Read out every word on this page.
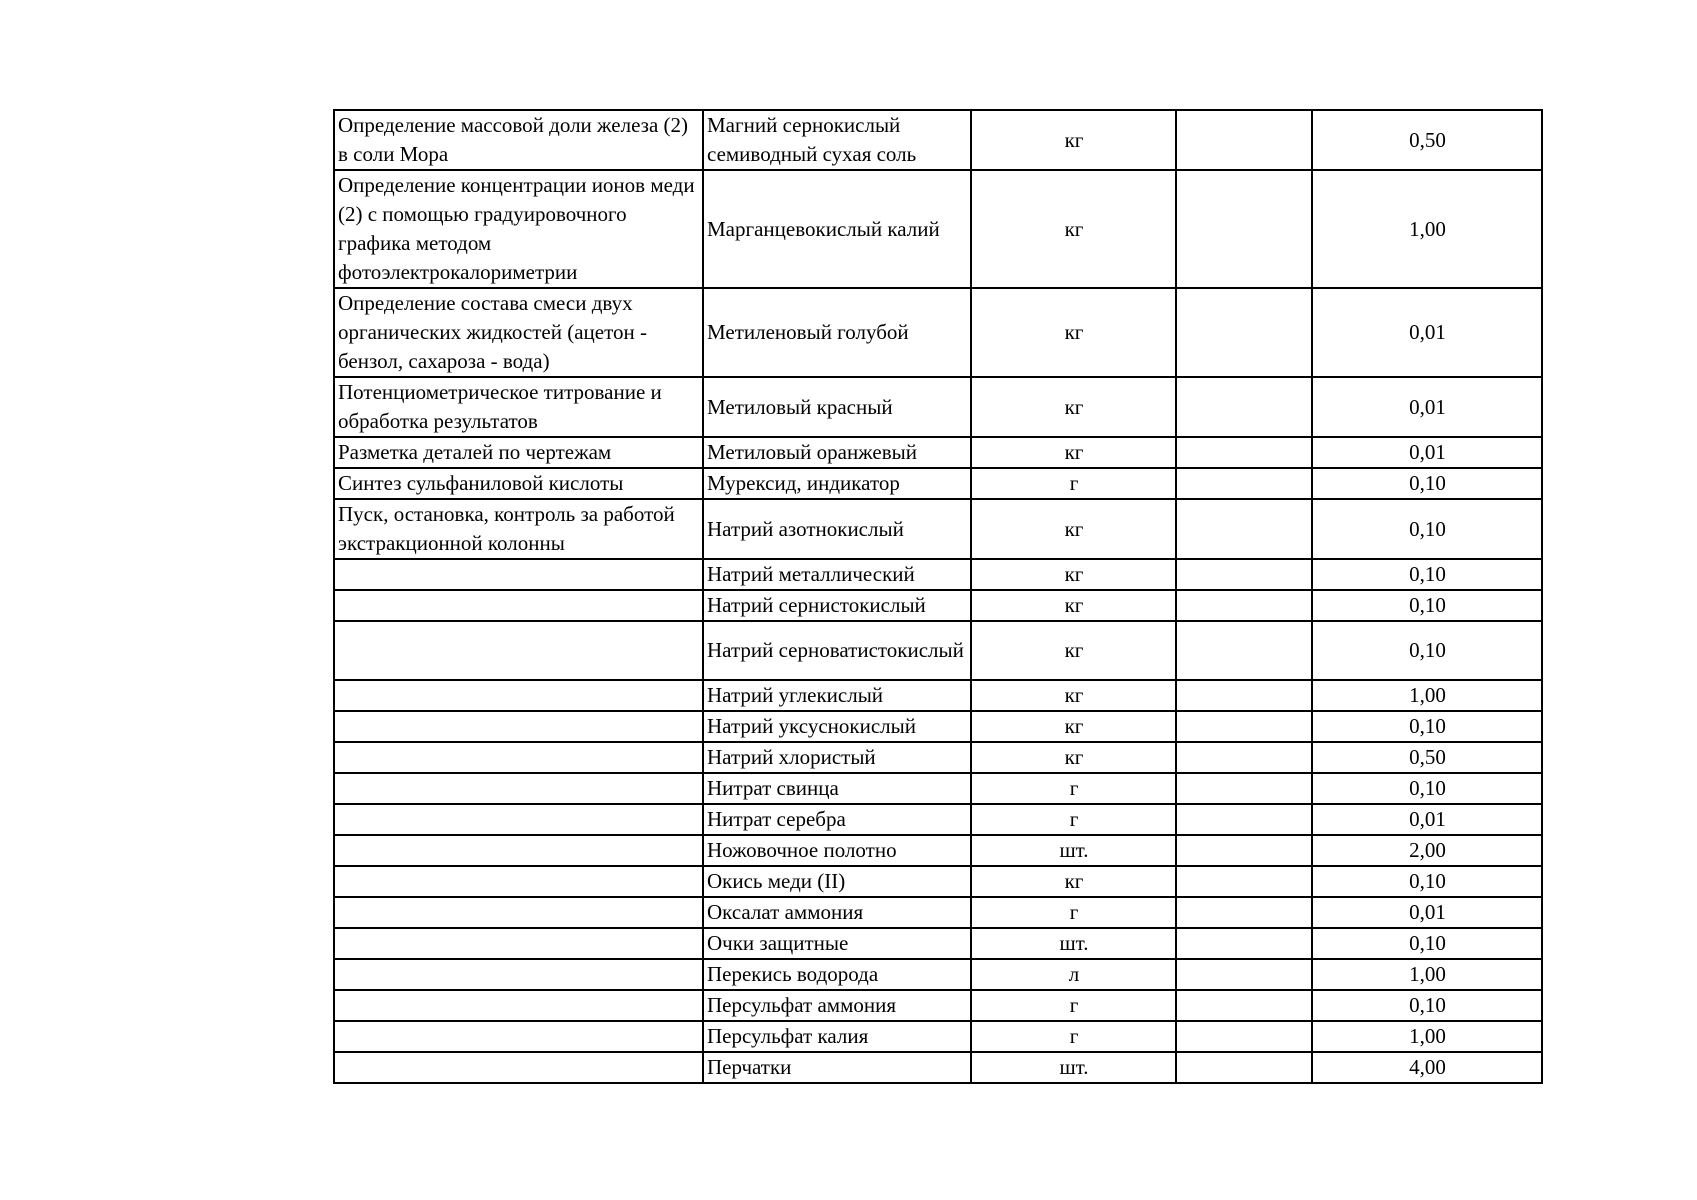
Определение массовой доли железа (2) в соли Мора	Магний сернокислый семиводный сухая соль	кг		0,50
Определение концентрации ионов меди (2) с помощью градуировочного графика методом фотоэлектрокалориметрии	Марганцевокислый калий	кг		1,00
Определение состава смеси двух органических жидкостей (ацетон - бензол, сахароза - вода)	Метиленовый голубой	кг		0,01
Потенциометрическое титрование и обработка результатов	Метиловый красный	кг		0,01
Разметка деталей по чертежам	Метиловый оранжевый	кг		0,01
Синтез сульфаниловой кислоты	Мурексид, индикатор	г		0,10
Пуск, остановка, контроль за работой экстракционной колонны	Натрий азотнокислый	кг		0,10
	Натрий металлический	кг		0,10
	Натрий сернистокислый	кг		0,10
	Натрий серноватистокислый	кг		0,10
	Натрий углекислый	кг		1,00
	Натрий уксуснокислый	кг		0,10
	Натрий хлористый	кг		0,50
	Нитрат свинца	г		0,10
	Нитрат серебра	г		0,01
	Ножовочное полотно	шт.		2,00
	Окись меди (II)	кг		0,10
	Оксалат аммония	г		0,01
	Очки защитные	шт.		0,10
	Перекись водорода	л		1,00
	Персульфат аммония	г		0,10
	Персульфат калия	г		1,00
	Перчатки	шт.		4,00
